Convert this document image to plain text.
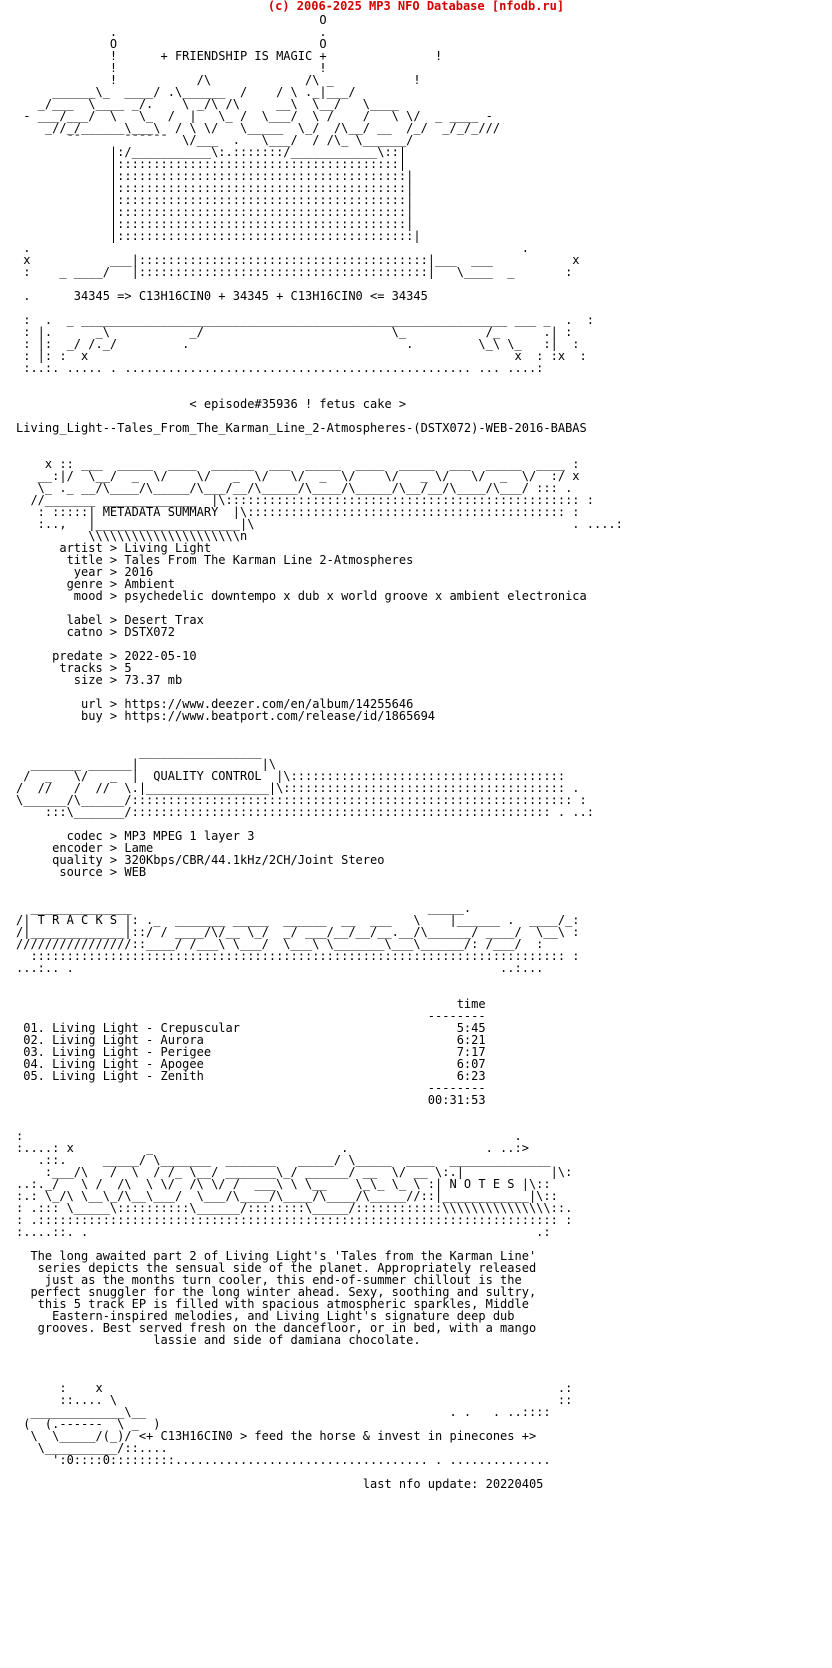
(c) 2006-2025 MP3 NFO Database [nfodb.ru]
O
.                            .
O                            O
!      + FRIENDSHIP IS MAGIC +               !
!                            !
!           /\             /\ _           !
______\_  ____/ .\______  /    / \ ._|___/
_/___  \____ _/.    \ _/\ /\     __\  \__/   \____
- ___/___/  \   \_  /  |   \_ /  \___/  \ /    /   \ \/  _ ____ -
_//_/______\___\  / \ \/   \_____  \_/  /\__/ __  /_/  _/_/_///
¯¯      ¯¯¯¯¯¯  \/___  .   \___/  / /\_ \______/
|:/___________\:.:::::::/____________\::|
|:::::::::::::::::::::::::::::::::::::::|
|::::::::::::::::::::::::::::::::::::::::|
|::::::::::::::::::::::::::::::::::::::::|
|::::::::::::::::::::::::::::::::::::::::|
|::::::::::::::::::::::::::::::::::::::::|
|::::::::::::::::::::::::::::::::::::::::|
|:::::::::::::::::::::::::::::::::::::::::|
.                                                                    .
x           ___|::::::::::::::::::::::::::::::::::::::::|___  ___           x
:    _ ____/   |::::::::::::::::::::::::::::::::::::::::|   \____  _       :

.      34345 => C13H16CIN0 + 34345 + C13H16CIN0 <= 34345

:  .  _ ___________________________________________________________ ___ _  .  :
: |.      _\           _/                          \_           /_      .| :
: |:  _/ /._/         .                              .         \_\ \_   :|  :
: |: :  x                                                           x  : :x  :
:..:. ..... . ................................................ ... ....:

< episode#35936 ! fetus cake >

Living_Light--Tales_From_The_Karman_Line_2-Atmospheres-(DSTX072)-WEB-2016-BABAS

x :: ___  _____  ____  ______  ___  _____  ____  _____  ___  _____  ____ :
__:|/  \__/  _  \/    \/   _  \/   \/  _  \/    \/   _ \/   \/  _  \/  :/ x
\_ ._ __/\____/\_____/\___/__/\_____/\____/\_____/\__/__/\____/\___/ ::: .
//_______ _____________  |\::::::::::::::::::::::::::::::::::::::::::::::::: :
: :::::| METADATA SUMMARY  |\:::::::::::::::::::::::::::::::::::::::::::: :
:..,   |____________________|\                                            . ....:
\\\\\\\\\\\\\\\\\\\\\n
artist > Living Light
title > Tales From The Karman Line 2-Atmospheres
year > 2016
genre > Ambient
mood > psychedelic downtempo x dub x world groove x ambient electronica

label > Desert Trax
catno > DSTX072

predate > 2022-05-10
tracks > 5
size > 73.37 mb

url > https://www.deezer.com/en/album/14255646
buy > https://www.beatport.com/release/id/1865694

_________________
_______ ______|                 |\
/  _   \/   _  |  QUALITY CONTROL  |\::::::::::::::::::::::::::::::::::::::
/  //   /  //  \.|_________________|\::::::::::::::::::::::::::::::::::::::: .
\______/\______/::::::::::::::::::::::::::::::::::::::::::::::::::::::::::::: :
:::\_______/:::::::::::::::::::::::::::::::::::::::::::::::::::::::::: . ..:

codec > MP3 MPEG 1 layer 3
encoder > Lame
quality > 320Kbps/CBR/44.1kHz/2CH/Joint Stereo
source > WEB

______________                                         _____.
/| T R A C K S |: ._  _______ _____  ______  __  ___   \    |______ .  ____/_:
/|_____________|::/ / ____/\/__ \_/  _/ ___/__/__/__.__/\______/ ____/  \__\ :
////////////////::____/ /___\ \___/  \___\ \_______\___\______/: /___/  :
:::::::::::::::::::::::::::::::::::::::::::::::::::::::::::::::::::::::::: :
...:.. .                                                           ..:...

time
--------
01. Living Light - Crepuscular                              5:45
02. Living Light - Aurora                                   6:21
03. Living Light - Perigee                                  7:17
04. Living Light - Apogee                                   6:07
05. Living Light - Zenith                                   6:23
--------
00:31:53

:                                                                    .
:....: x          _                          .                   . ..:>
.::.     _____/ \_______  _______   _____/ \_____  ____  ______________
:___/\   /  \  / /_ \__/ _______\_/ ______/ __  \/ __ \:.|            |\:
..:._/   \ /  /\  \ \/  /\ \/ /  ___\ \ \__    \_\_ \_ \ :| N O T E S |\::
:.: \_/\ \__\_/\__\___/  \___/\____/\____/\____/\_____//::|____________|\::
: .::: \_____\::::::::::\______/::::::::\_____/::::::::::::\\\\\\\\\\\\\\\::.
: .:::::::::::::::::::::::::::::::::::::::::::::::::::::::::::::::::::::::: :
:....::. .                                                              .:

The long awaited part 2 of Living Light's 'Tales from the Karman Line'
series depicts the sensual side of the planet. Appropriately released
just as the months turn cooler, this end-of-summer chillout is the
perfect snuggler for the long winter ahead. Sexy, soothing and sultry,
this 5 track EP is filled with spacious atmospheric sparkles, Middle
Eastern-inspired melodies, and Living Light's signature deep dub
grooves. Best served fresh on the dancefloor, or in bed, with a mango
lassie and side of damiana chocolate.

:    x                                                               .:
::.... \                                                             ::
_____________\__                                          . .   . ..::::
(  (.------  \ _  )
\  \_____/(_)/ <+ C13H16CIN0 > feed the horse & invest in pinecones +>
\__________/::....
':0::::0:::::::::................................... . ..............

last nfo update: 20220405
